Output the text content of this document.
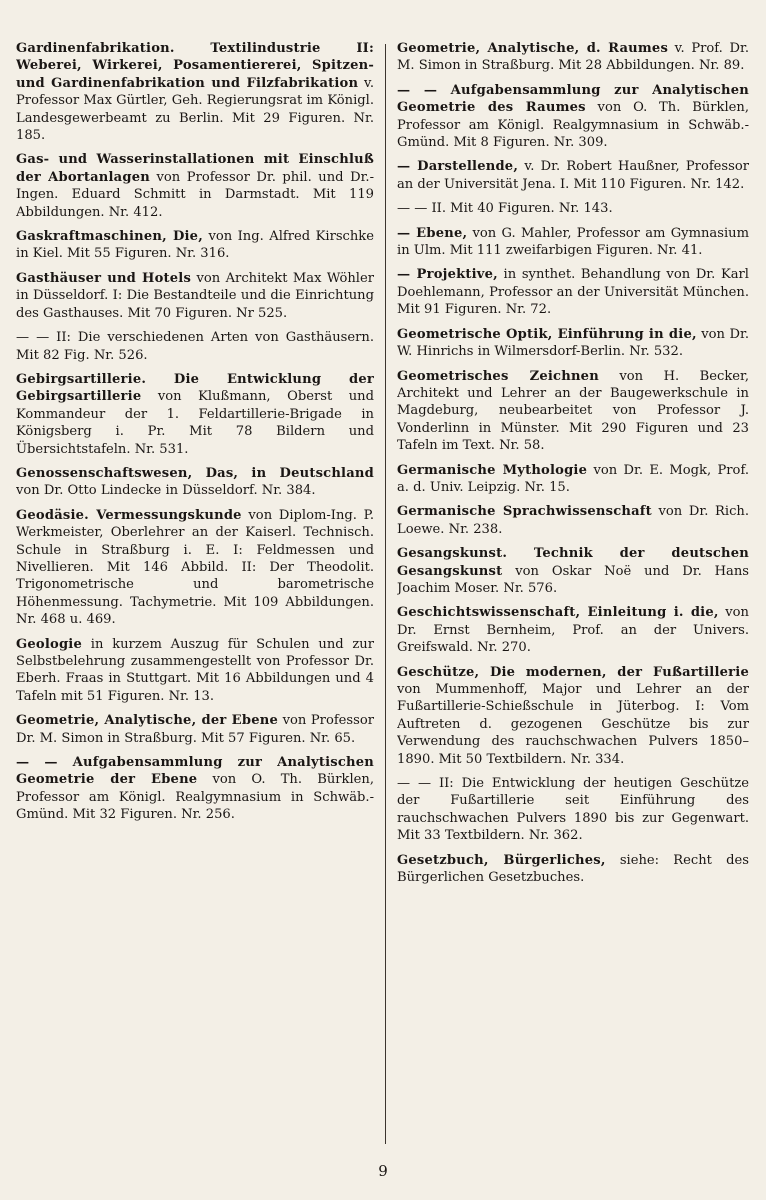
Gardinenfabrikation. Textilindustrie II: Weberei, Wirkerei, Posamentiererei, Spitzen- und Gardinenfabrikation und Filzfabrikation v. Professor Max Gürtler, Geh. Regierungsrat im Königl. Landesgewerbeamt zu Berlin. Mit 29 Figuren. Nr. 185.

Gas- und Wasserinstallationen mit Einschluß der Abortanlagen von Professor Dr. phil. und Dr.-Ingen. Eduard Schmitt in Darmstadt. Mit 119 Abbildungen. Nr. 412.

Gaskraftmaschinen, Die, von Ing. Alfred Kirschke in Kiel. Mit 55 Figuren. Nr. 316.

Gasthäuser und Hotels von Architekt Max Wöhler in Düsseldorf. I: Die Bestandteile und die Einrichtung des Gasthauses. Mit 70 Figuren. Nr 525.

— — II: Die verschiedenen Arten von Gasthäusern. Mit 82 Fig. Nr. 526.

Gebirgsartillerie. Die Entwicklung der Gebirgsartillerie von Klußmann, Oberst und Kommandeur der 1. Feldartillerie-Brigade in Königsberg i. Pr. Mit 78 Bildern und Übersichtstafeln. Nr. 531.

Genossenschaftswesen, Das, in Deutschland von Dr. Otto Lindecke in Düsseldorf. Nr. 384.

Geodäsie. Vermessungskunde von Diplom-Ing. P. Werkmeister, Oberlehrer an der Kaiserl. Technisch. Schule in Straßburg i. E. I: Feldmessen und Nivellieren. Mit 146 Abbild. II: Der Theodolit. Trigonometrische und barometrische Höhenmessung. Tachymetrie. Mit 109 Abbildungen. Nr. 468 u. 469.

Geologie in kurzem Auszug für Schulen und zur Selbstbelehrung zusammengestellt von Professor Dr. Eberh. Fraas in Stuttgart. Mit 16 Abbildungen und 4 Tafeln mit 51 Figuren. Nr. 13.

Geometrie, Analytische, der Ebene von Professor Dr. M. Simon in Straßburg. Mit 57 Figuren. Nr. 65.

— — Aufgabensammlung zur Analytischen Geometrie der Ebene von O. Th. Bürklen, Professor am Königl. Realgymnasium in Schwäb.-Gmünd. Mit 32 Figuren. Nr. 256.

Geometrie, Analytische, d. Raumes v. Prof. Dr. M. Simon in Straßburg. Mit 28 Abbildungen. Nr. 89.

— — Aufgabensammlung zur Analytischen Geometrie des Raumes von O. Th. Bürklen, Professor am Königl. Realgymnasium in Schwäb.-Gmünd. Mit 8 Figuren. Nr. 309.

— Darstellende, v. Dr. Robert Haußner, Professor an der Universität Jena. I. Mit 110 Figuren. Nr. 142.

— — II. Mit 40 Figuren. Nr. 143.

— Ebene, von G. Mahler, Professor am Gymnasium in Ulm. Mit 111 zweifarbigen Figuren. Nr. 41.

— Projektive, in synthet. Behandlung von Dr. Karl Doehlemann, Professor an der Universität München. Mit 91 Figuren. Nr. 72.

Geometrische Optik, Einführung in die, von Dr. W. Hinrichs in Wilmersdorf-Berlin. Nr. 532.

Geometrisches Zeichnen von H. Becker, Architekt und Lehrer an der Baugewerkschule in Magdeburg, neubearbeitet von Professor J. Vonderlinn in Münster. Mit 290 Figuren und 23 Tafeln im Text. Nr. 58.

Germanische Mythologie von Dr. E. Mogk, Prof. a. d. Univ. Leipzig. Nr. 15.

Germanische Sprachwissenschaft von Dr. Rich. Loewe. Nr. 238.

Gesangskunst. Technik der deutschen Gesangskunst von Oskar Noë und Dr. Hans Joachim Moser. Nr. 576.

Geschichtswissenschaft, Einleitung i. die, von Dr. Ernst Bernheim, Prof. an der Univers. Greifswald. Nr. 270.

Geschütze, Die modernen, der Fußartillerie von Mummenhoff, Major und Lehrer an der Fußartillerie-Schießschule in Jüterbog. I: Vom Auftreten d. gezogenen Geschütze bis zur Verwendung des rauchschwachen Pulvers 1850–1890. Mit 50 Textbildern. Nr. 334.

— — II: Die Entwicklung der heutigen Geschütze der Fußartillerie seit Einführung des rauchschwachen Pulvers 1890 bis zur Gegenwart. Mit 33 Textbildern. Nr. 362.

Gesetzbuch, Bürgerliches, siehe: Recht des Bürgerlichen Gesetzbuches.

9
